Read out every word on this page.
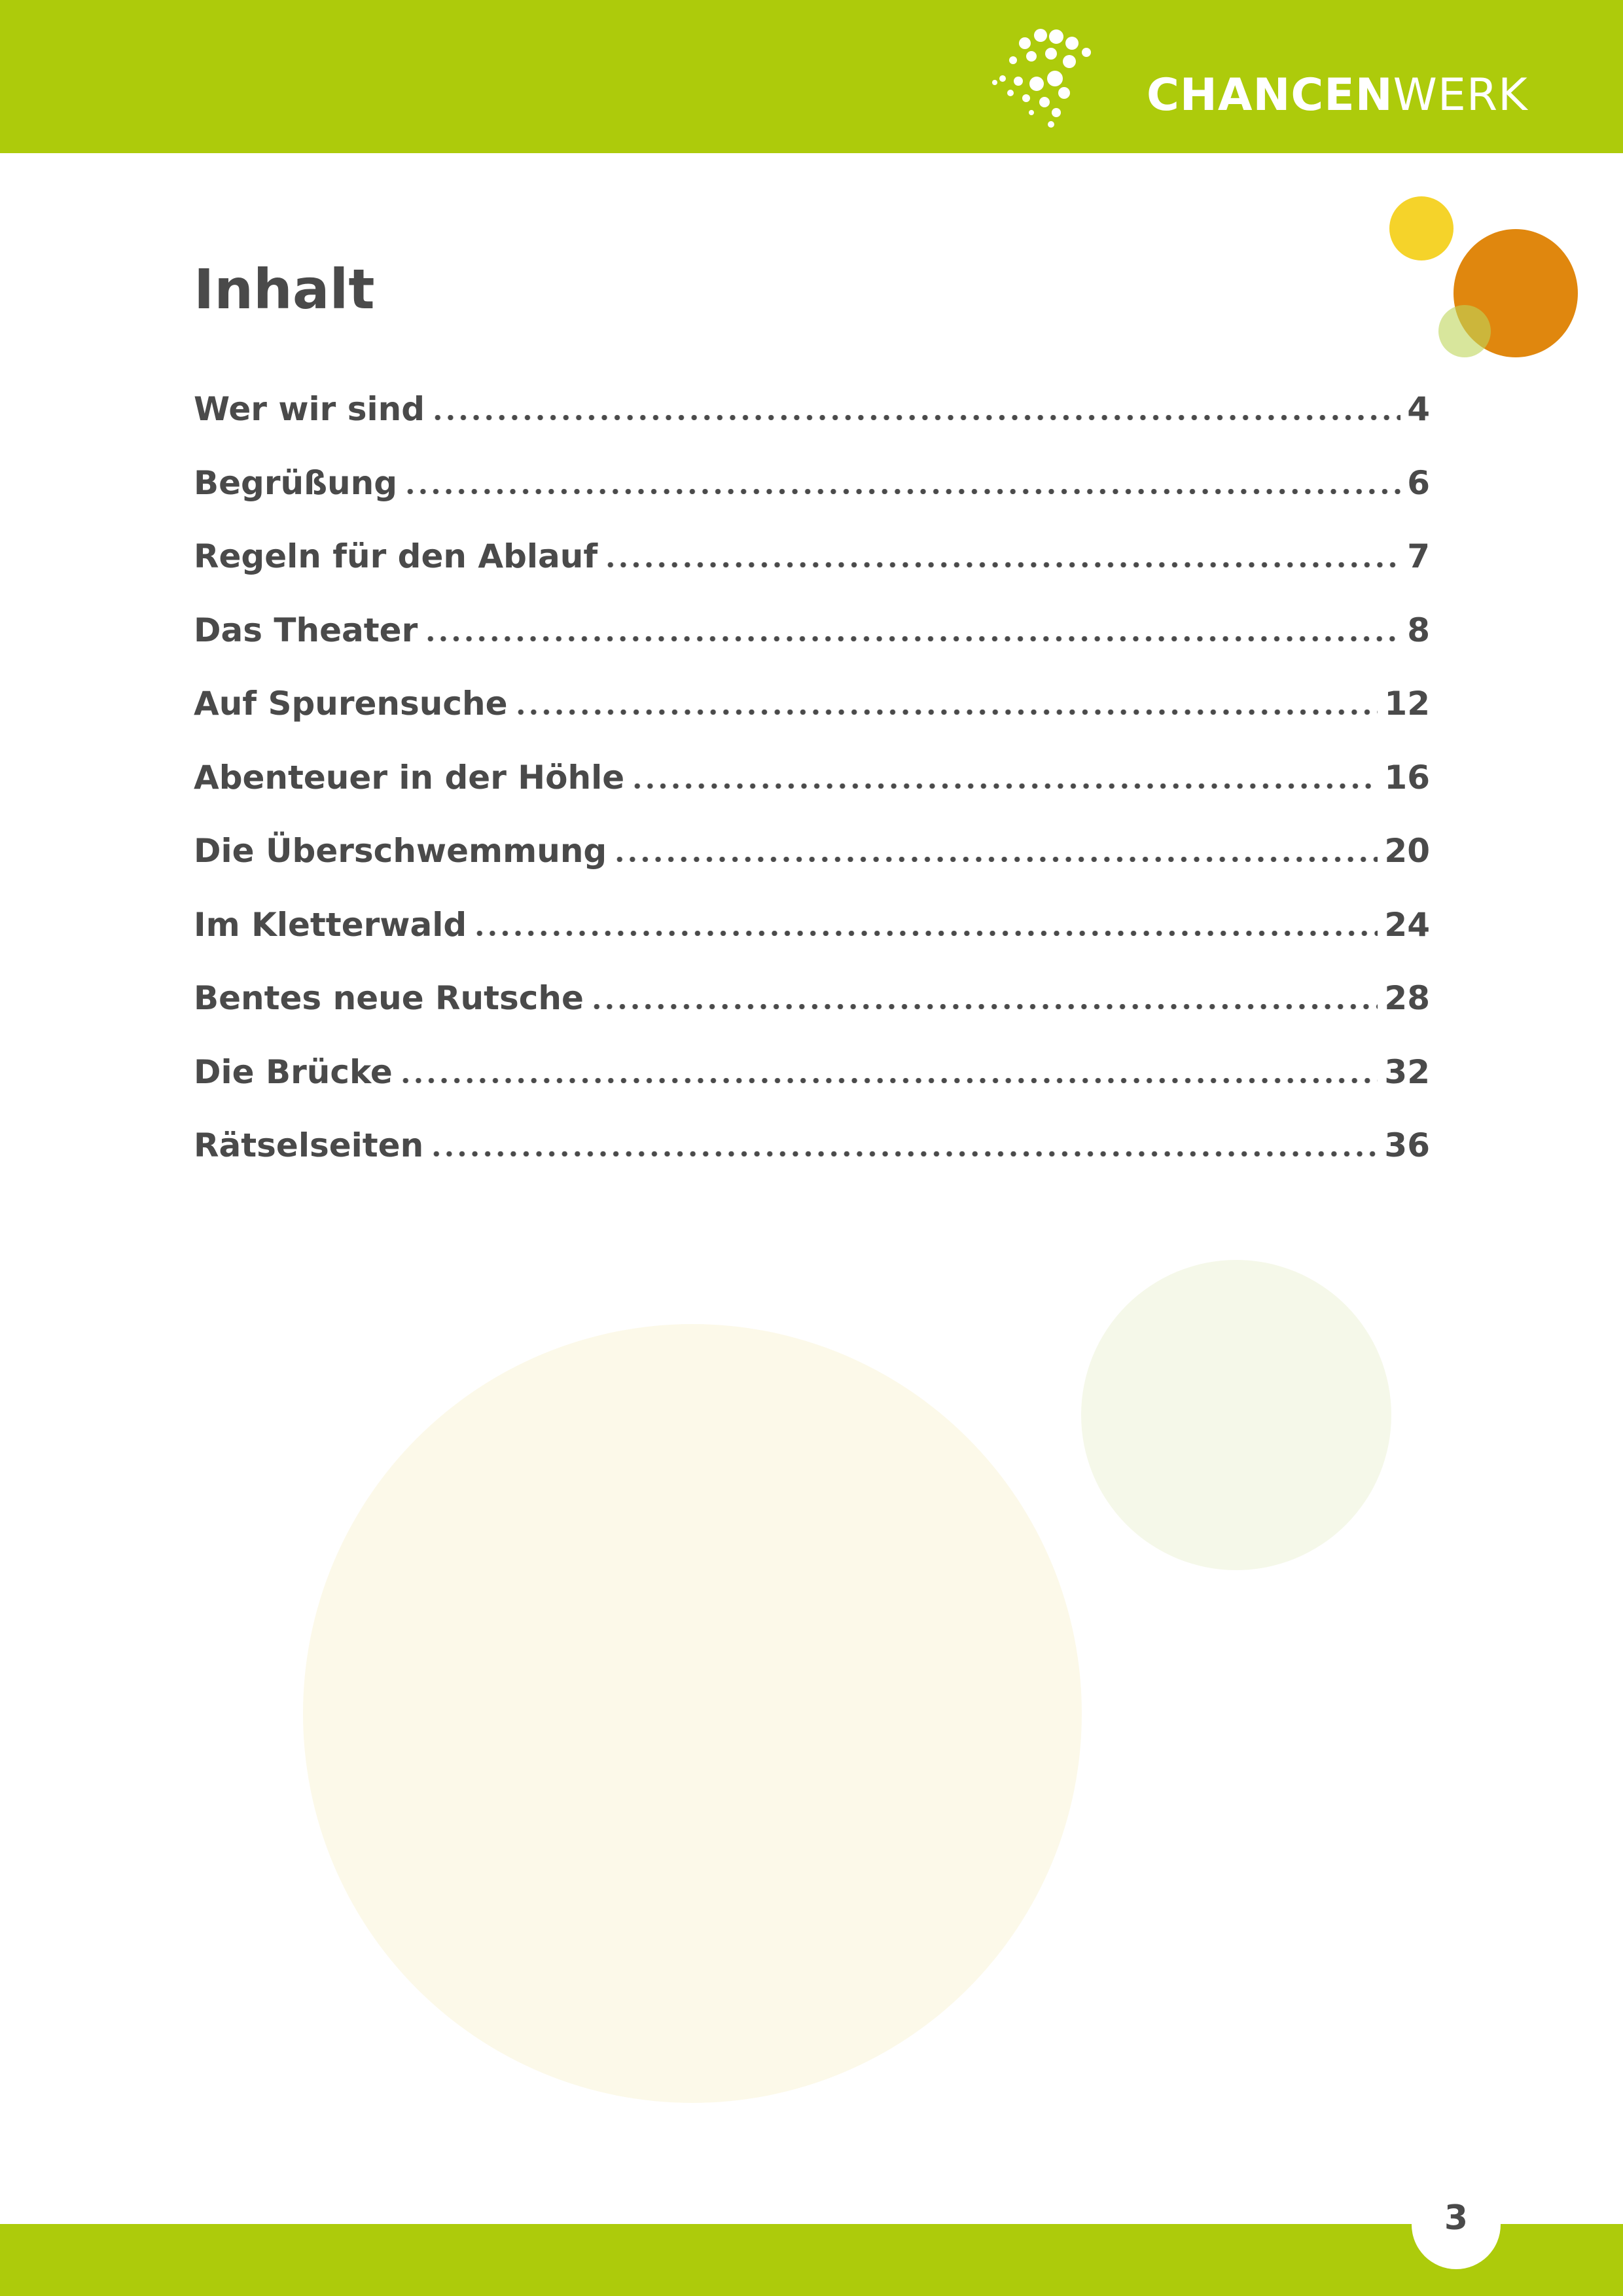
CHANCENWERK
Inhalt
Wer wir sind	4
Begrüßung	6
Regeln für den Ablauf	7
Das Theater	8
Auf Spurensuche	12
Abenteuer in der Höhle	16
Die Überschwemmung	20
Im Kletterwald	24
Bentes neue Rutsche	28
Die Brücke	32
Rätselseiten	36
3
